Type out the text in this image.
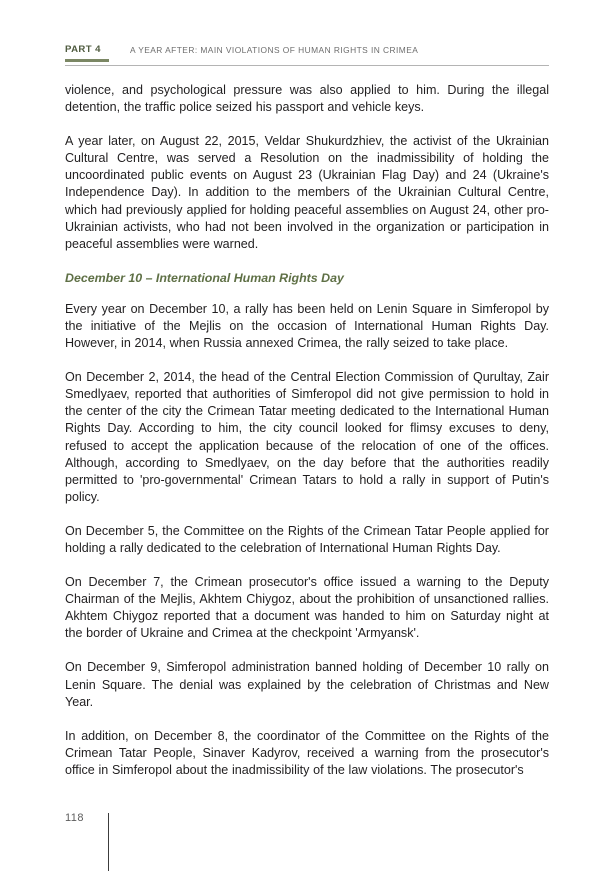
PART 4	A YEAR AFTER: MAIN VIOLATIONS OF HUMAN RIGHTS IN CRIMEA

violence, and psychological pressure was also applied to him. During the illegal detention, the traffic police seized his passport and vehicle keys.

A year later, on August 22, 2015, Veldar Shukurdzhiev, the activist of the Ukrainian Cultural Centre, was served a Resolution on the inadmissibility of holding the uncoordinated public events on August 23 (Ukrainian Flag Day) and 24 (Ukraine's Independence Day). In addition to the members of the Ukrainian Cultural Centre, which had previously applied for holding peaceful assemblies on August 24, other pro-Ukrainian activists, who had not been involved in the organization or participation in peaceful assemblies were warned.

December 10 – International Human Rights Day

Every year on December 10, a rally has been held on Lenin Square in Simferopol by the initiative of the Mejlis on the occasion of International Human Rights Day. However, in 2014, when Russia annexed Crimea, the rally seized to take place.

On December 2, 2014, the head of the Central Election Commission of Qurultay, Zair Smedlyaev, reported that authorities of Simferopol did not give permission to hold in the center of the city the Crimean Tatar meeting dedicated to the International Human Rights Day. According to him, the city council looked for flimsy excuses to deny, refused to accept the application because of the relocation of one of the offices. Although, according to Smedlyaev, on the day before that the authorities readily permitted to 'pro-governmental' Crimean Tatars to hold a rally in support of Putin's policy.

On December 5, the Committee on the Rights of the Crimean Tatar People applied for holding a rally dedicated to the celebration of International Human Rights Day.

On December 7, the Crimean prosecutor's office issued a warning to the Deputy Chairman of the Mejlis, Akhtem Chiygoz, about the prohibition of unsanctioned rallies. Akhtem Chiygoz reported that a document was handed to him on Saturday night at the border of Ukraine and Crimea at the checkpoint 'Armyansk'.

On December 9, Simferopol administration banned holding of December 10 rally on Lenin Square. The denial was explained by the celebration of Christmas and New Year.

In addition, on December 8, the coordinator of the Committee on the Rights of the Crimean Tatar People, Sinaver Kadyrov, received a warning from the prosecutor's office in Simferopol about the inadmissibility of the law violations. The prosecutor's

118
